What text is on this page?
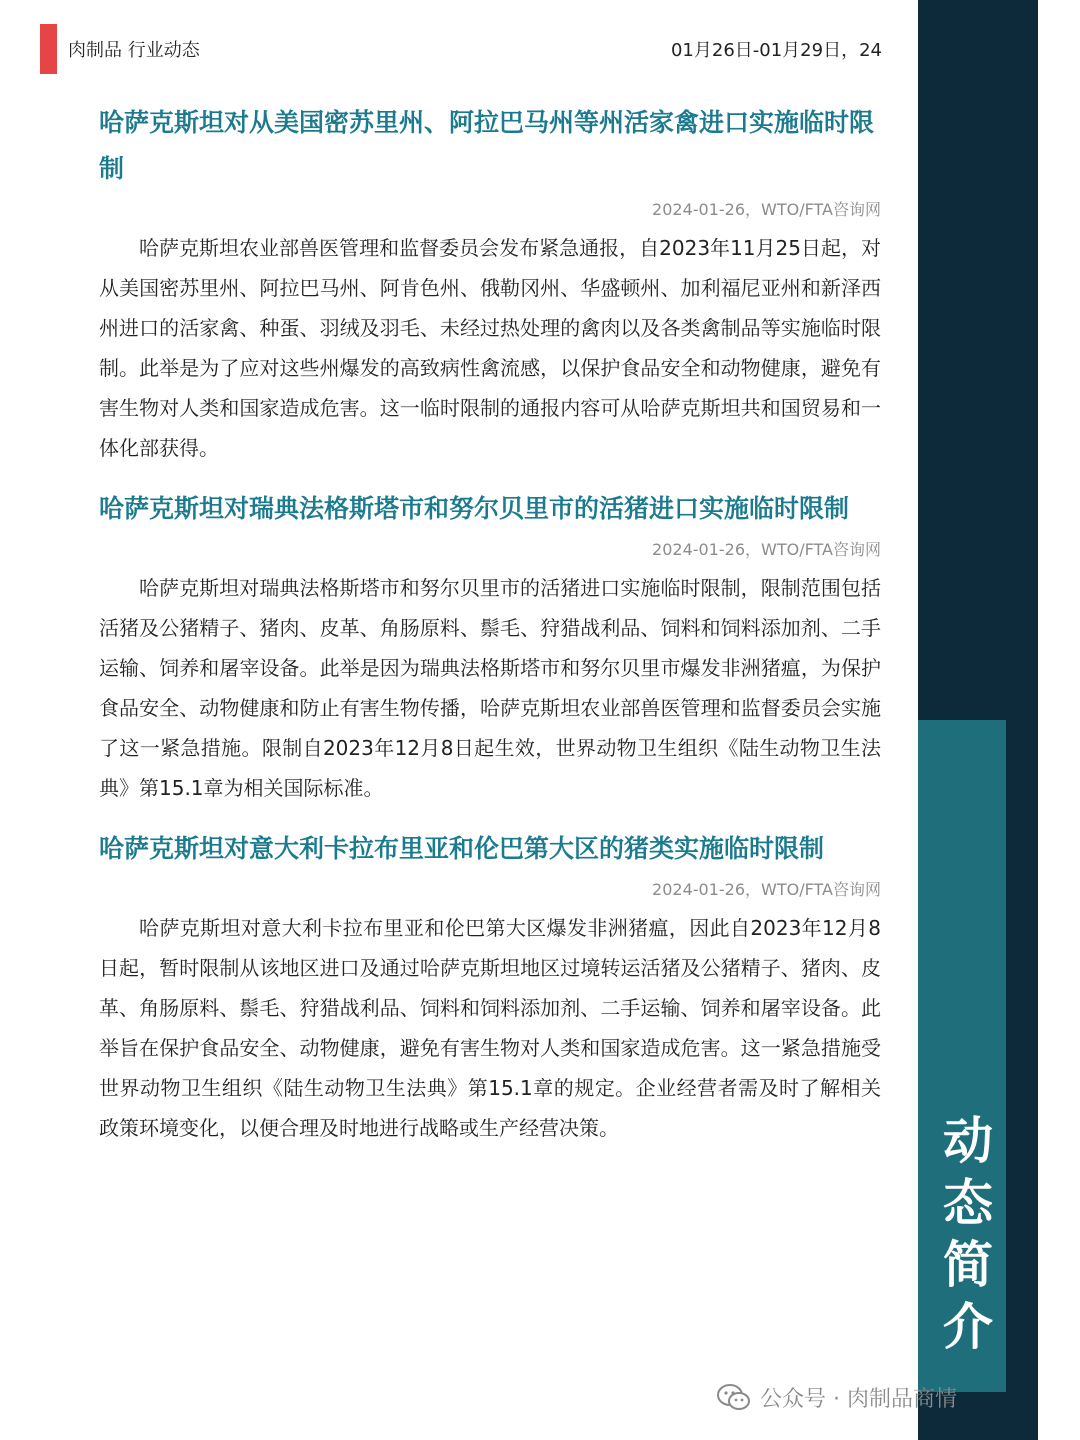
肉制品 行业动态	01月26日-01月29日，24
动
态
简
介
哈萨克斯坦对从美国密苏里州、阿拉巴马州等州活家禽进口实施临时限制
2024-01-26，WTO/FTA咨询网

哈萨克斯坦农业部兽医管理和监督委员会发布紧急通报，自2023年11月25日起，对从美国密苏里州、阿拉巴马州、阿肯色州、俄勒冈州、华盛顿州、加利福尼亚州和新泽西州进口的活家禽、种蛋、羽绒及羽毛、未经过热处理的禽肉以及各类禽制品等实施临时限制。此举是为了应对这些州爆发的高致病性禽流感，以保护食品安全和动物健康，避免有害生物对人类和国家造成危害。这一临时限制的通报内容可从哈萨克斯坦共和国贸易和一体化部获得。

哈萨克斯坦对瑞典法格斯塔市和努尔贝里市的活猪进口实施临时限制
2024-01-26，WTO/FTA咨询网

哈萨克斯坦对瑞典法格斯塔市和努尔贝里市的活猪进口实施临时限制，限制范围包括活猪及公猪精子、猪肉、皮革、角肠原料、鬃毛、狩猎战利品、饲料和饲料添加剂、二手运输、饲养和屠宰设备。此举是因为瑞典法格斯塔市和努尔贝里市爆发非洲猪瘟，为保护食品安全、动物健康和防止有害生物传播，哈萨克斯坦农业部兽医管理和监督委员会实施了这一紧急措施。限制自2023年12月8日起生效，世界动物卫生组织《陆生动物卫生法典》第15.1章为相关国际标准。

哈萨克斯坦对意大利卡拉布里亚和伦巴第大区的猪类实施临时限制
2024-01-26，WTO/FTA咨询网

哈萨克斯坦对意大利卡拉布里亚和伦巴第大区爆发非洲猪瘟，因此自2023年12月8日起，暂时限制从该地区进口及通过哈萨克斯坦地区过境转运活猪及公猪精子、猪肉、皮革、角肠原料、鬃毛、狩猎战利品、饲料和饲料添加剂、二手运输、饲养和屠宰设备。此举旨在保护食品安全、动物健康，避免有害生物对人类和国家造成危害。这一紧急措施受世界动物卫生组织《陆生动物卫生法典》第15.1章的规定。企业经营者需及时了解相关政策环境变化，以便合理及时地进行战略或生产经营决策。

公众号 · 肉制品商情
